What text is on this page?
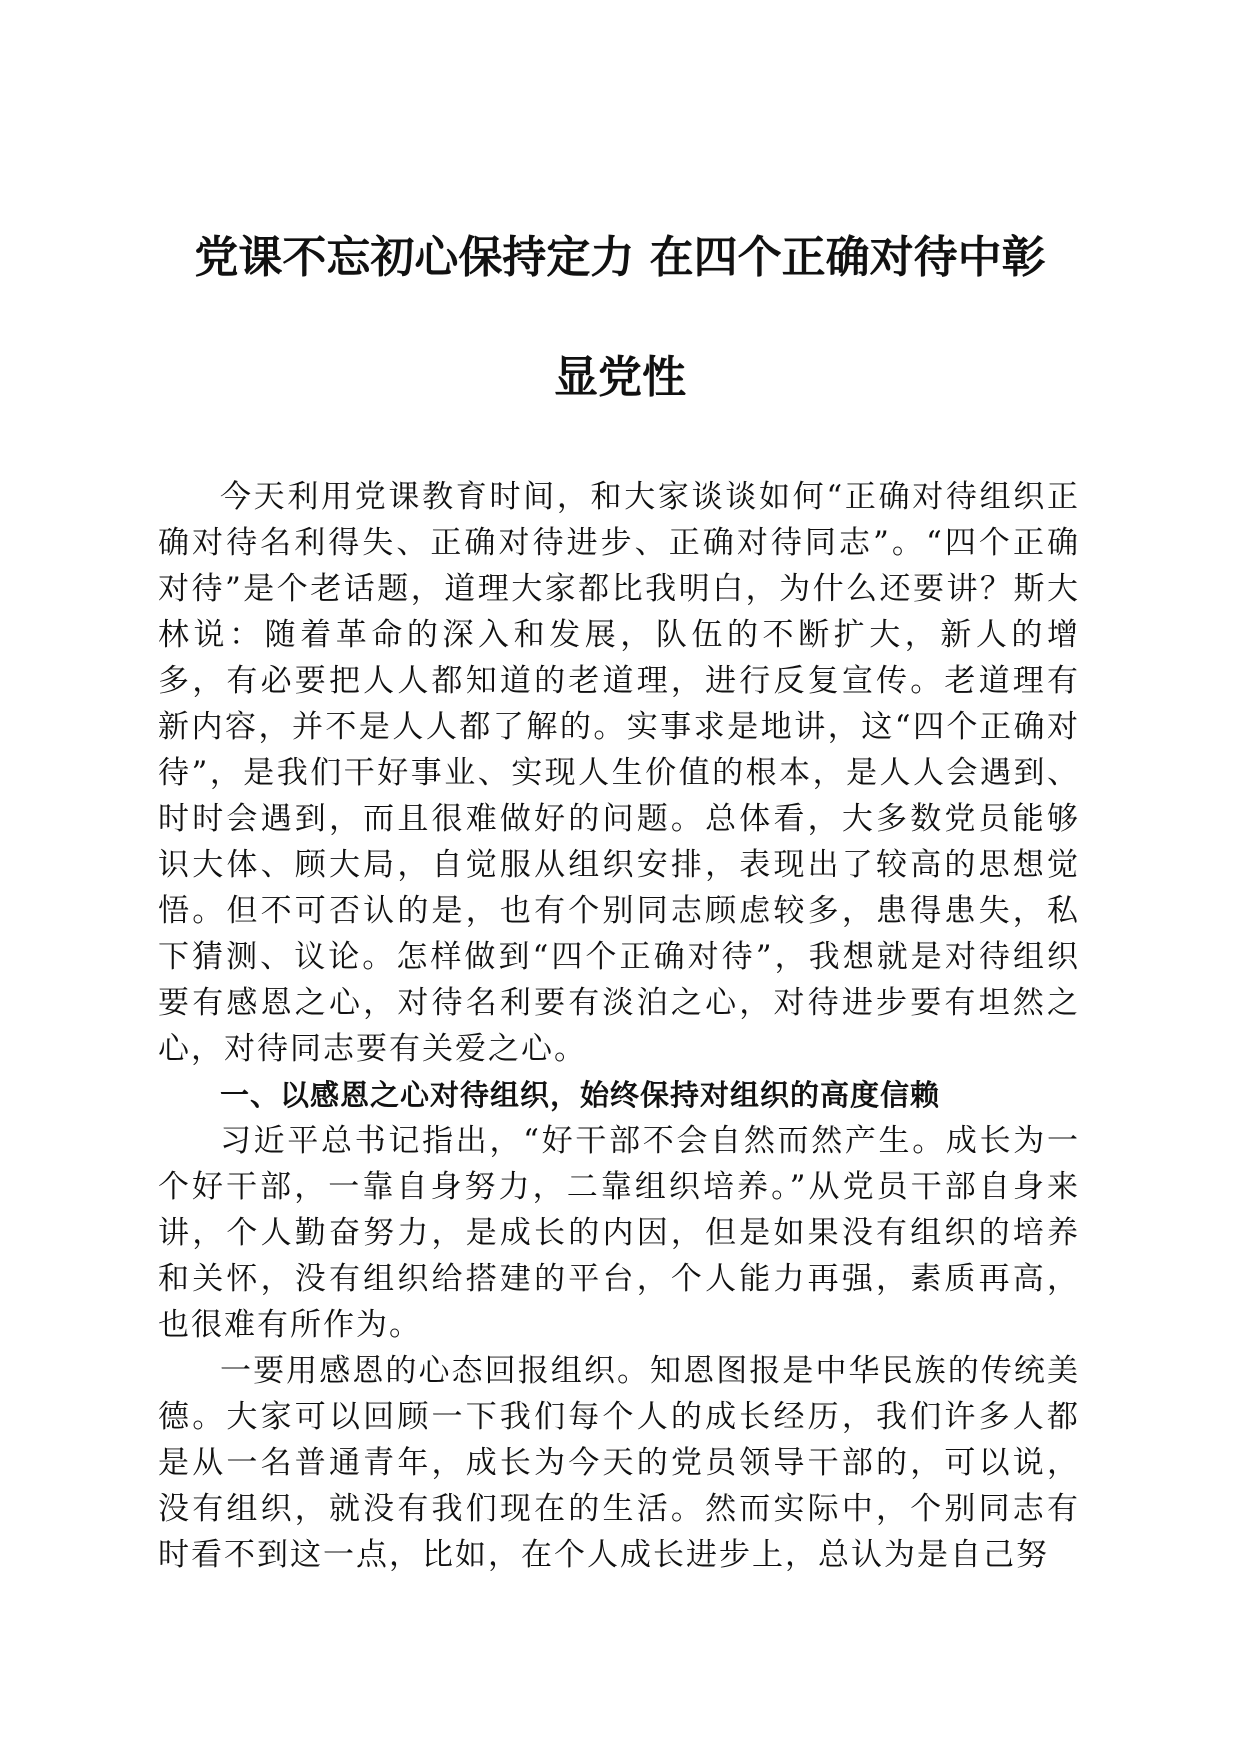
党课不忘初心保持定力 在四个正确对待中彰
显党性

今天利用党课教育时间，和大家谈谈如何“正确对待组织正确对待名利得失、正确对待进步、正确对待同志”。“四个正确对待”是个老话题，道理大家都比我明白，为什么还要讲？斯大林说：随着革命的深入和发展，队伍的不断扩大，新人的增多，有必要把人人都知道的老道理，进行反复宣传。老道理有新内容，并不是人人都了解的。实事求是地讲，这“四个正确对待”，是我们干好事业、实现人生价值的根本，是人人会遇到、时时会遇到，而且很难做好的问题。总体看，大多数党员能够识大体、顾大局，自觉服从组织安排，表现出了较高的思想觉悟。但不可否认的是，也有个别同志顾虑较多，患得患失，私下猜测、议论。怎样做到“四个正确对待”，我想就是对待组织要有感恩之心，对待名利要有淡泊之心，对待进步要有坦然之心，对待同志要有关爱之心。

一、以感恩之心对待组织，始终保持对组织的高度信赖

习近平总书记指出，“好干部不会自然而然产生。成长为一个好干部，一靠自身努力，二靠组织培养。”从党员干部自身来讲，个人勤奋努力，是成长的内因，但是如果没有组织的培养和关怀，没有组织给搭建的平台，个人能力再强，素质再高，也很难有所作为。

一要用感恩的心态回报组织。知恩图报是中华民族的传统美德。大家可以回顾一下我们每个人的成长经历，我们许多人都是从一名普通青年，成长为今天的党员领导干部的，可以说，没有组织，就没有我们现在的生活。然而实际中，个别同志有时看不到这一点，比如，在个人成长进步上，总认为是自己努
